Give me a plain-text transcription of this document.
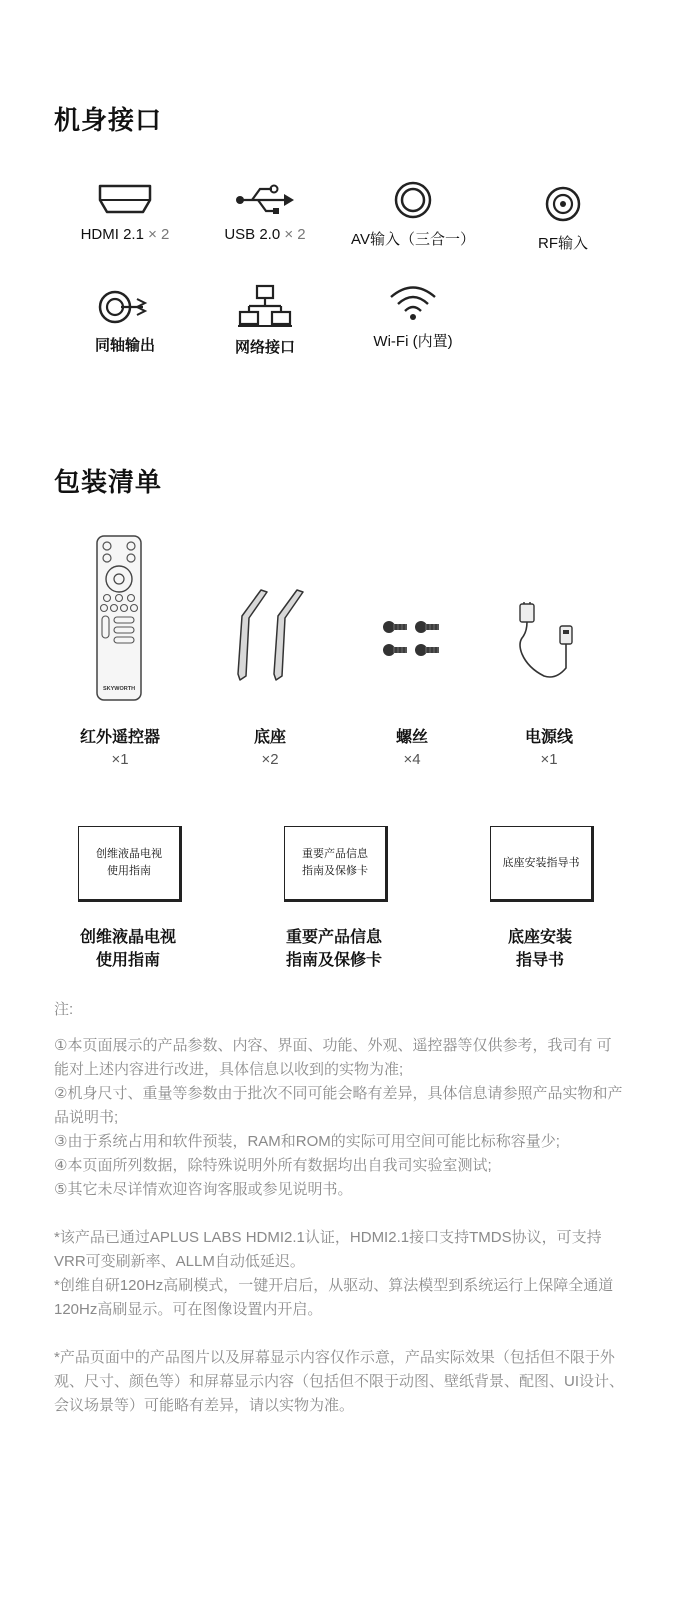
机身接口
HDMI 2.1 × 2	USB 2.0 × 2	AV输入（三合一）	RF输入
同轴输出	网络接口	Wi-Fi (内置)
包装清单
SKYWORTH
红外遥控器
×1
底座
×2
螺丝
×4
电源线
×1
创维液晶电视
使用指南
重要产品信息
指南及保修卡
底座安装指导书
创维液晶电视
使用指南
重要产品信息
指南及保修卡
底座安装
指导书

注:

①本页面展示的产品参数、内容、界面、功能、外观、遥控器等仅供参考，我司有 可能对上述内容进行改进，具体信息以收到的实物为准;

②机身尺寸、重量等参数由于批次不同可能会略有差异，具体信息请参照产品实物和产品说明书;

③由于系统占用和软件预装，RAM和ROM的实际可用空间可能比标称容量少;

④本页面所列数据，除特殊说明外所有数据均出自我司实验室测试;

⑤其它未尽详情欢迎咨询客服或参见说明书。

*该产品已通过APLUS LABS HDMI2.1认证，HDMI2.1接口支持TMDS协议，可支持VRR可变刷新率、ALLM自动低延迟。

*创维自研120Hz高刷模式，一键开启后，从驱动、算法模型到系统运行上保障全通道120Hz高刷显示。可在图像设置内开启。

*产品页面中的产品图片以及屏幕显示内容仅作示意，产品实际效果（包括但不限于外观、尺寸、颜色等）和屏幕显示内容（包括但不限于动图、壁纸背景、配图、UI设计、会议场景等）可能略有差异，请以实物为准。
